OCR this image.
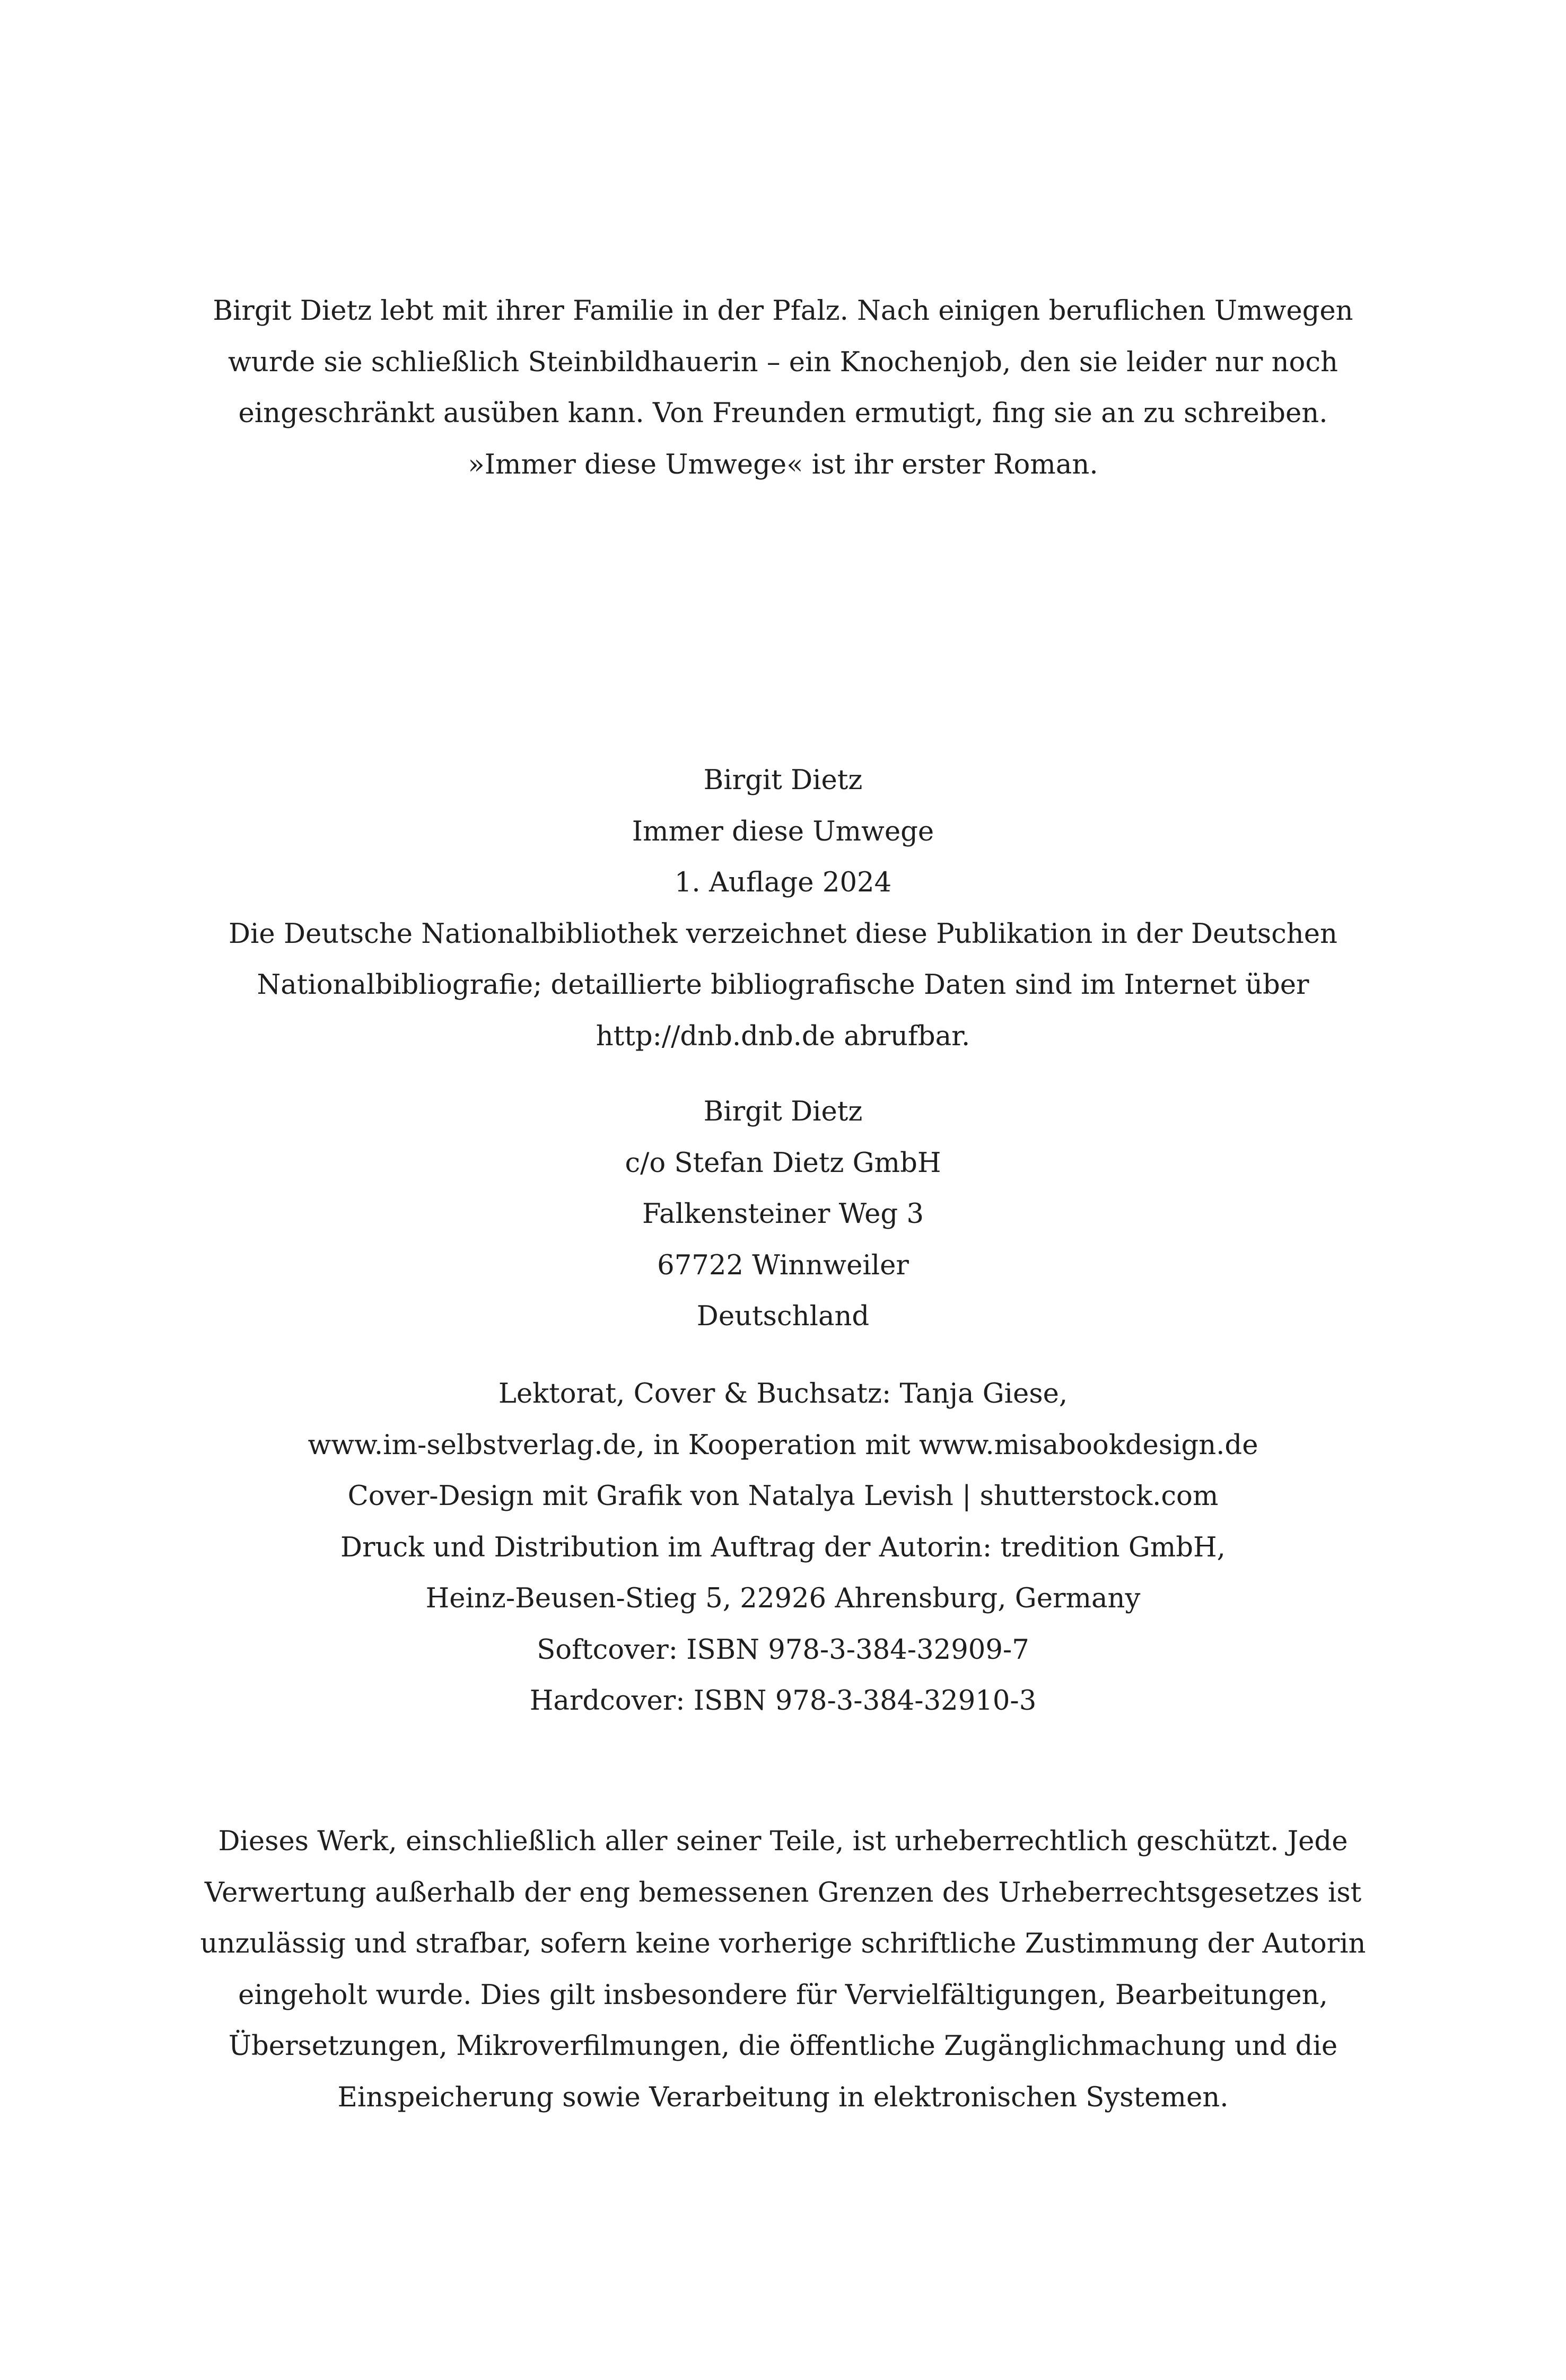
Birgit Dietz lebt mit ihrer Familie in der Pfalz. Nach einigen beruflichen Umwegen
wurde sie schließlich Steinbildhauerin – ein Knochenjob, den sie leider nur noch
eingeschränkt ausüben kann. Von Freunden ermutigt, fing sie an zu schreiben.
»Immer diese Umwege« ist ihr erster Roman.
Birgit Dietz
Immer diese Umwege
1. Auflage 2024
Die Deutsche Nationalbibliothek verzeichnet diese Publikation in der Deutschen
Nationalbibliografie; detaillierte bibliografische Daten sind im Internet über
http://dnb.dnb.de abrufbar.
Birgit Dietz
c/o Stefan Dietz GmbH
Falkensteiner Weg 3
67722 Winnweiler
Deutschland
Lektorat, Cover & Buchsatz: Tanja Giese,
www.im-selbstverlag.de, in Kooperation mit www.misabookdesign.de
Cover-Design mit Grafik von Natalya Levish | shutterstock.com
Druck und Distribution im Auftrag der Autorin: tredition GmbH,
Heinz-Beusen-Stieg 5, 22926 Ahrensburg, Germany
Softcover: ISBN 978-3-384-32909-7
Hardcover: ISBN 978-3-384-32910-3
Dieses Werk, einschließlich aller seiner Teile, ist urheberrechtlich geschützt. Jede
Verwertung außerhalb der eng bemessenen Grenzen des Urheberrechtsgesetzes ist
unzulässig und strafbar, sofern keine vorherige schriftliche Zustimmung der Autorin
eingeholt wurde. Dies gilt insbesondere für Vervielfältigungen, Bearbeitungen,
Übersetzungen, Mikroverfilmungen, die öffentliche Zugänglichmachung und die
Einspeicherung sowie Verarbeitung in elektronischen Systemen.
